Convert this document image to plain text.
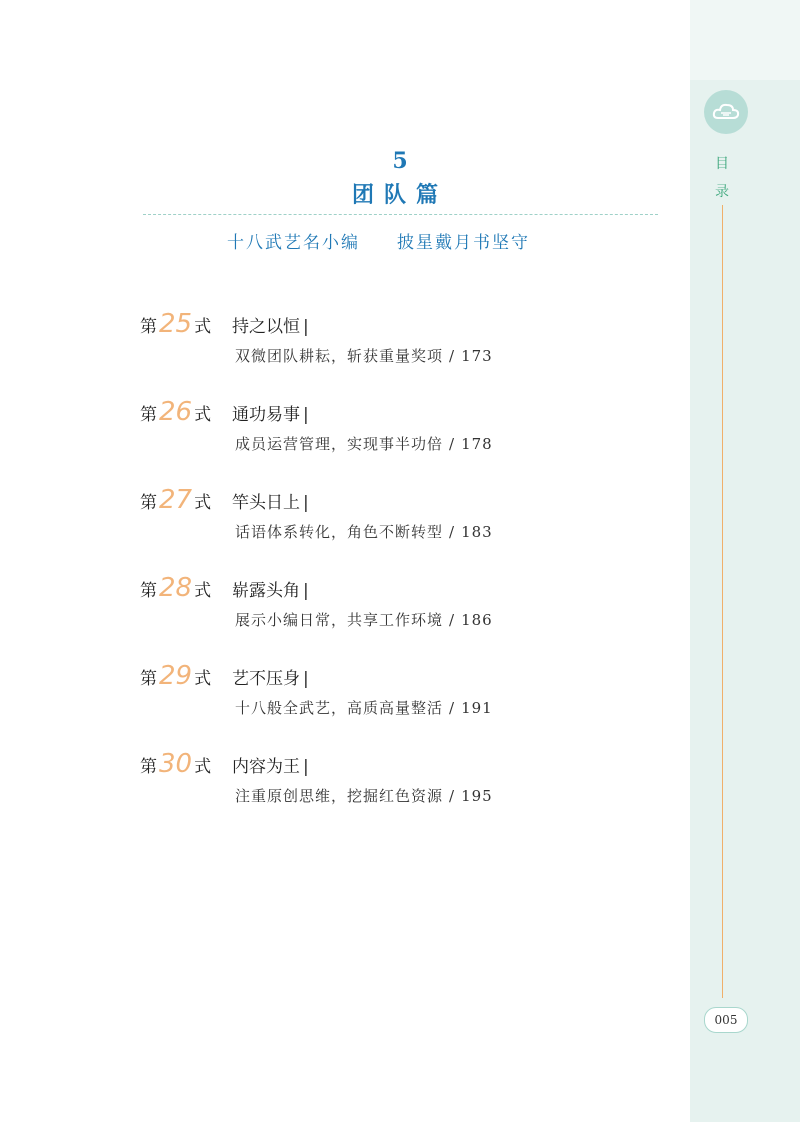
目
录
005
5
团队篇
十八武艺名小编     披星戴月书坚守
第25 式 持之以恒 |
双微团队耕耘，斩获重量奖项 / 173
第26 式 通功易事 |
成员运营管理，实现事半功倍 / 178
第27 式 竿头日上 |
话语体系转化，角色不断转型 / 183
第28 式 崭露头角 |
展示小编日常，共享工作环境 / 186
第29 式 艺不压身 |
十八般全武艺，高质高量整活 / 191
第30 式 内容为王 |
注重原创思维，挖掘红色资源 / 195
